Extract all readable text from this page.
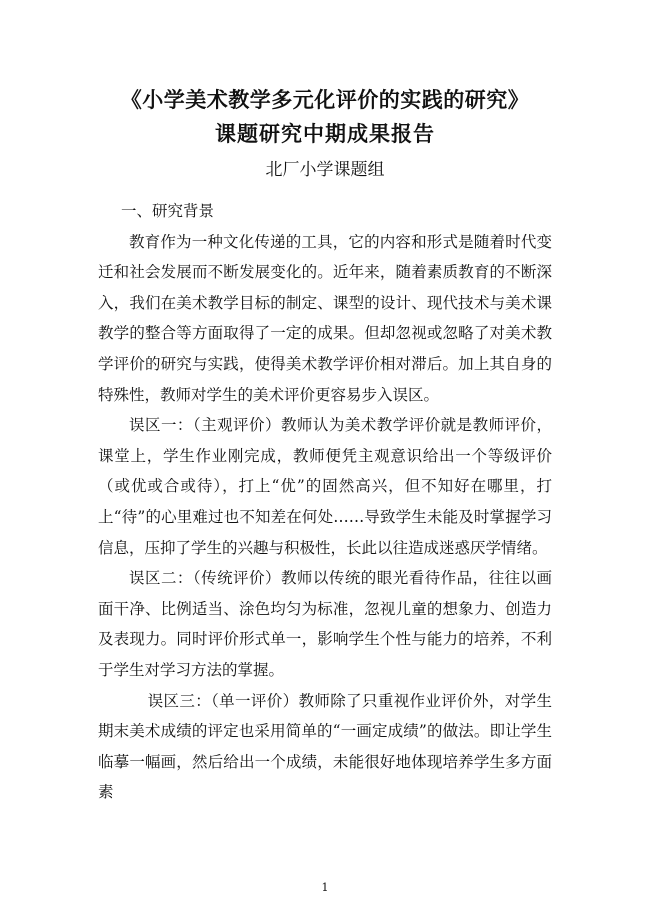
《小学美术教学多元化评价的实践的研究》
课题研究中期成果报告
北厂小学课题组

一、研究背景

教育作为一种文化传递的工具，它的内容和形式是随着时代变迁和社会发展而不断发展变化的。近年来，随着素质教育的不断深入，我们在美术教学目标的制定、课型的设计、现代技术与美术课教学的整合等方面取得了一定的成果。但却忽视或忽略了对美术教学评价的研究与实践，使得美术教学评价相对滞后。加上其自身的特殊性，教师对学生的美术评价更容易步入误区。

误区一：（主观评价）教师认为美术教学评价就是教师评价，课堂上，学生作业刚完成，教师便凭主观意识给出一个等级评价（或优或合或待），打上“优”的固然高兴，但不知好在哪里，打上“待”的心里难过也不知差在何处……导致学生未能及时掌握学习信息，压抑了学生的兴趣与积极性，长此以往造成迷惑厌学情绪。

误区二：（传统评价）教师以传统的眼光看待作品，往往以画面干净、比例适当、涂色均匀为标准，忽视儿童的想象力、创造力及表现力。同时评价形式单一，影响学生个性与能力的培养，不利于学生对学习方法的掌握。

误区三：（单一评价）教师除了只重视作业评价外，对学生期末美术成绩的评定也采用简单的“一画定成绩”的做法。即让学生临摹一幅画，然后给出一个成绩，未能很好地体现培养学生多方面素

1
